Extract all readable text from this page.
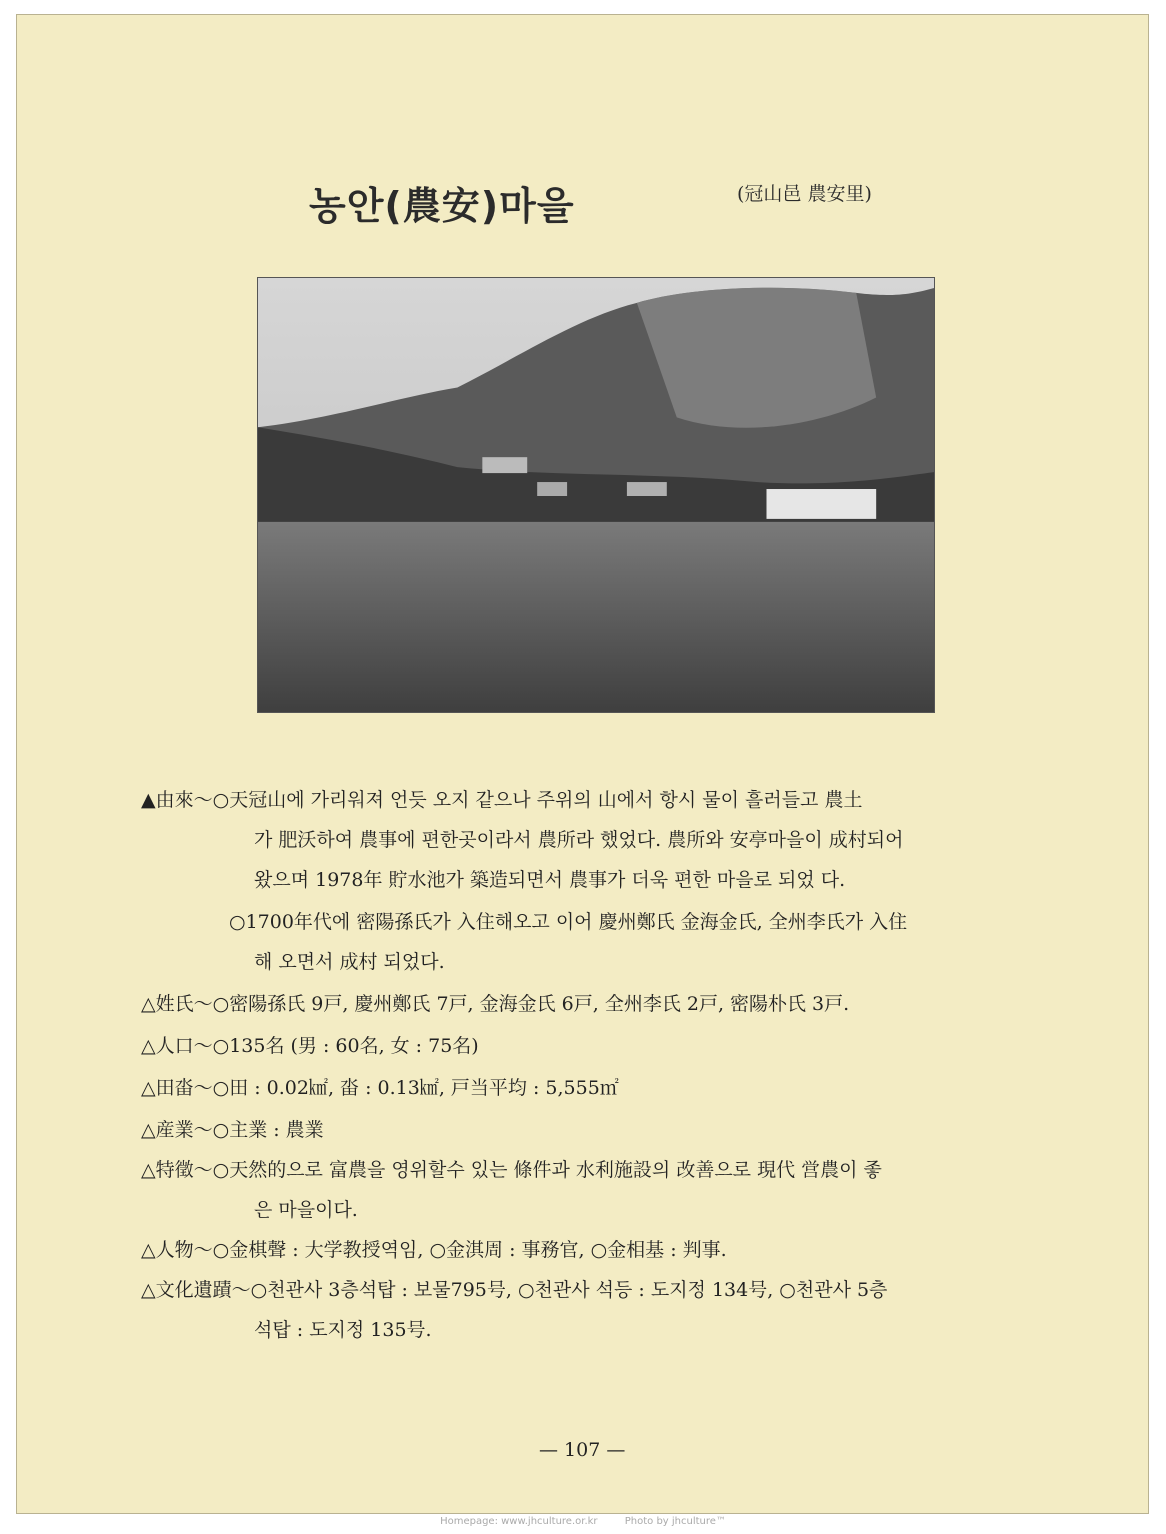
농안(農安)마을	(冠山邑 農安里)
▲由來～○天冠山에 가리워져 언듯 오지 같으나 주위의 山에서 항시 물이 흘러들고 農土
가 肥沃하여 農事에 편한곳이라서 農所라 했었다. 農所와 安亭마을이 成村되어
왔으며 1978年 貯水池가 築造되면서 農事가 더욱 편한 마을로 되었 다.
○1700年代에 密陽孫氏가 入住해오고 이어 慶州鄭氏 金海金氏, 全州李氏가 入住
해 오면서 成村 되었다.
△姓氏～○密陽孫氏 9戸, 慶州鄭氏 7戸, 金海金氏 6戸, 全州李氏 2戸, 密陽朴氏 3戸.
△人口～○135名 (男 : 60名, 女 : 75名)
△田畓～○田 : 0.02㎢, 畓 : 0.13㎢, 戸当平均 : 5,555㎡
△産業～○主業 : 農業
△特徵～○天然的으로 富農을 영위할수 있는 條件과 水利施設의 改善으로 現代 営農이 좋
은 마을이다.
△人物～○金棋聲 : 大学教授역임, ○金淇周 : 事務官, ○金相基 : 判事.
△文化遺蹟～○천관사 3층석탑 : 보물795号, ○천관사 석등 : 도지정 134号, ○천관사 5층
석탑 : 도지정 135号.
— 107 —
Homepage: www.jhculture.or.kr	Photo by jhculture™
